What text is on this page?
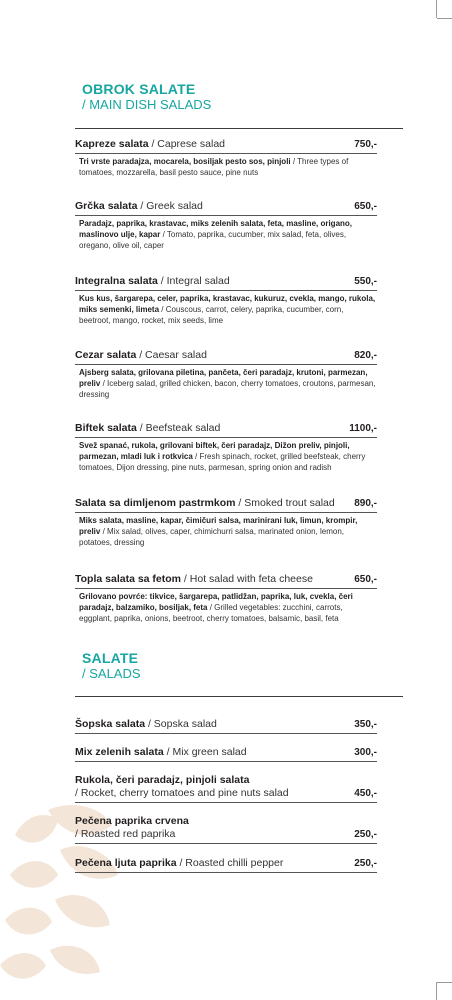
OBROK SALATE
/ MAIN DISH SALADS
Kapreze salata / Caprese salad	750,-
Tri vrste paradajza, mocarela, bosiljak pesto sos, pinjoli / Three types of tomatoes, mozzarella, basil pesto sauce, pine nuts
Grčka salata / Greek salad	650,-
Paradajz, paprika, krastavac, miks zelenih salata, feta, masline, origano, maslinovo ulje, kapar / Tomato, paprika, cucumber, mix salad, feta, olives, oregano, olive oil, caper
Integralna salata / Integral salad	550,-
Kus kus, šargarepa, celer, paprika, krastavac, kukuruz, cvekla, mango, rukola, miks semenki, limeta / Couscous, carrot, celery, paprika, cucumber, corn, beetroot, mango, rocket, mix seeds, lime
Cezar salata / Caesar salad	820,-
Ajsberg salata, grilovana piletina, pančeta, čeri paradajz, krutoni, parmezan, preliv / Iceberg salad, grilled chicken, bacon, cherry tomatoes, croutons, parmesan, dressing
Biftek salata / Beefsteak salad	1100,-
Svež spanać, rukola, grilovani biftek, čeri paradajz, Dižon preliv, pinjoli, parmezan, mladi luk i rotkvica / Fresh spinach, rocket, grilled beefsteak, cherry tomatoes, Dijon dressing, pine nuts, parmesan, spring onion and radish
Salata sa dimljenom pastrmkom / Smoked trout salad 890,-
Miks salata, masline, kapar, čimičuri salsa, marinirani luk, limun, krompir, preliv / Mix salad, olives, caper, chimichurri salsa, marinated onion, lemon, potatoes, dressing
Topla salata sa fetom / Hot salad with feta cheese	650,-
Grilovano povrće: tikvice, šargarepa, patlidžan, paprika, luk, cvekla, čeri paradajz, balzamiko, bosiljak, feta / Grilled vegetables: zucchini, carrots, eggplant, paprika, onions, beetroot, cherry tomatoes, balsamic, basil, feta
SALATE
/ SALADS
Šopska salata / Sopska salad	350,-
Mix zelenih salata / Mix green salad	300,-
Rukola, čeri paradajz, pinjoli salata
/ Rocket, cherry tomatoes and pine nuts salad	450,-
Pečena paprika crvena
/ Roasted red paprika	250,-
Pečena ljuta paprika / Roasted chilli pepper	250,-
